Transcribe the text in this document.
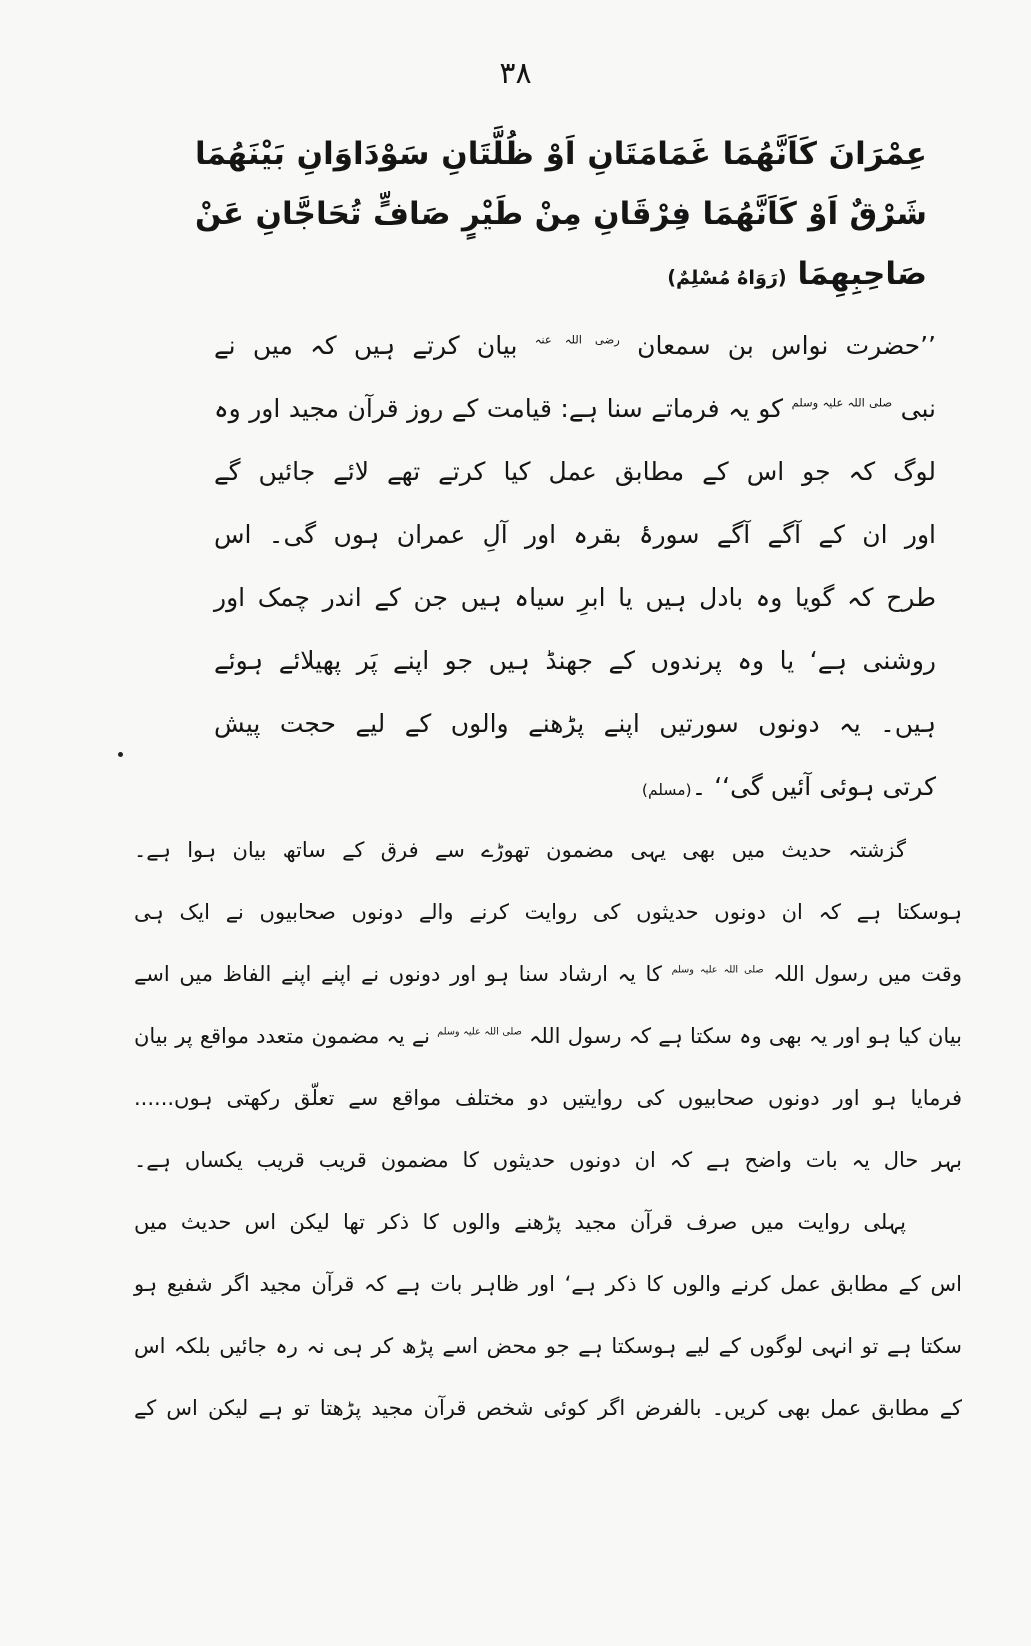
۳۸
عِمْرَانَ كَاَنَّهُمَا غَمَامَتَانِ اَوْ ظُلَّتَانِ سَوْدَاوَانِ بَيْنَهُمَا
شَرْقٌ اَوْ كَاَنَّهُمَا فِرْقَانِ مِنْ طَيْرٍ صَافٍّ تُحَاجَّانِ عَنْ
صَاحِبِهِمَا (رَوَاهُ مُسْلِمٌ)
’’حضرت نواس بن سمعان $^{رضی اللہ عنہ}$ بیان کرتے ہیں کہ میں نے
نبی $^{صلی اللہ علیہ وسلم}$ کو یہ فرماتے سنا ہے: قیامت کے روز قرآن مجید اور وہ
لوگ کہ جو اس کے مطابق عمل کیا کرتے تھے لائے جائیں گے
اور ان کے آگے آگے سورۂ بقرہ اور آلِ عمران ہوں گی۔ اس
طرح کہ گویا وہ بادل ہیں یا ابرِ سیاہ ہیں جن کے اندر چمک اور
روشنی ہے‘ یا وہ پرندوں کے جھنڈ ہیں جو اپنے پَر پھیلائے ہوئے
ہیں۔ یہ دونوں سورتیں اپنے پڑھنے والوں کے لیے حجت پیش
کرتی ہوئی آئیں گی‘‘ ۔(مسلم)
گزشتہ حدیث میں بھی یہی مضمون تھوڑے سے فرق کے ساتھ بیان ہوا ہے۔
ہوسکتا ہے کہ ان دونوں حدیثوں کی روایت کرنے والے دونوں صحابیوں نے ایک ہی
وقت میں رسول اللہ $^{صلی اللہ علیہ وسلم}$ کا یہ ارشاد سنا ہو اور دونوں نے اپنے اپنے الفاظ میں اسے
بیان کیا ہو اور یہ بھی وہ سکتا ہے کہ رسول اللہ $^{صلی اللہ علیہ وسلم}$ نے یہ مضمون متعدد مواقع پر بیان
فرمایا ہو اور دونوں صحابیوں کی روایتیں دو مختلف مواقع سے تعلّق رکھتی ہوں......
بہر حال یہ بات واضح ہے کہ ان دونوں حدیثوں کا مضمون قریب قریب یکساں ہے۔
پہلی روایت میں صرف قرآن مجید پڑھنے والوں کا ذکر تھا لیکن اس حدیث میں
اس کے مطابق عمل کرنے والوں کا ذکر ہے‘ اور ظاہر بات ہے کہ قرآن مجید اگر شفیع ہو
سکتا ہے تو انہی لوگوں کے لیے ہوسکتا ہے جو محض اسے پڑھ کر ہی نہ رہ جائیں بلکہ اس
کے مطابق عمل بھی کریں۔ بالفرض اگر کوئی شخص قرآن مجید پڑھتا تو ہے لیکن اس کے
